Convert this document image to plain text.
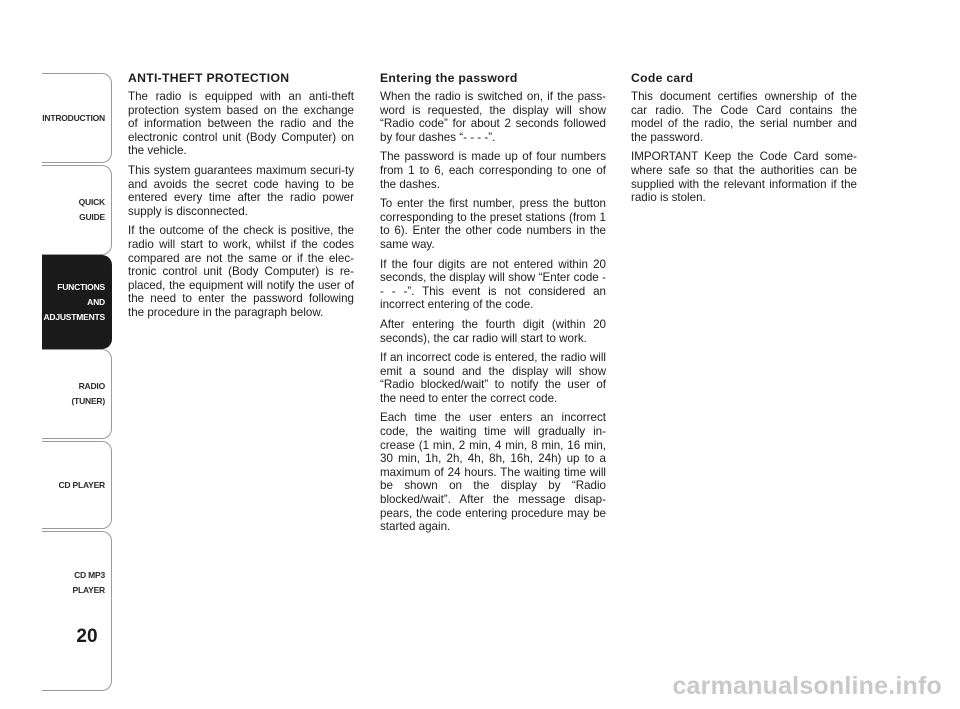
INTRODUCTION
QUICK
GUIDE
FUNCTIONS
AND
ADJUSTMENTS
RADIO
(TUNER)
CD PLAYER
CD MP3
PLAYER
20
ANTI-THEFT PROTECTION

The radio is equipped with an anti-theft protection system based on the exchange of information between the radio and the electronic control unit (Body Computer) on the vehicle.

This system guarantees maximum securi-ty and avoids the secret code having to be entered every time after the radio power supply is disconnected.

If the outcome of the check is positive, the radio will start to work, whilst if the codes compared are not the same or if the elec-tronic control unit (Body Computer) is re-placed, the equipment will notify the user of the need to enter the password following the procedure in the paragraph below.

Entering the password

When the radio is switched on, if the pass-word is requested, the display will show “Radio code” for about 2 seconds followed by four dashes “- - - -”.

The password is made up of four numbers from 1 to 6, each corresponding to one of the dashes.

To enter the first number, press the button corresponding to the preset stations (from 1 to 6). Enter the other code numbers in the same way.

If the four digits are not entered within 20 seconds, the display will show “Enter code - - - -”. This event is not considered an incorrect entering of the code.

After entering the fourth digit (within 20 seconds), the car radio will start to work.

If an incorrect code is entered, the radio will emit a sound and the display will show “Radio blocked/wait” to notify the user of the need to enter the correct code.

Each time the user enters an incorrect code, the waiting time will gradually in-crease (1 min, 2 min, 4 min, 8 min, 16 min, 30 min, 1h, 2h, 4h, 8h, 16h, 24h) up to a maximum of 24 hours. The waiting time will be shown on the display by “Radio blocked/wait”. After the message disap-pears, the code entering procedure may be started again.

Code card

This document certifies ownership of the car radio. The Code Card contains the model of the radio, the serial number and the password.

IMPORTANT Keep the Code Card some-where safe so that the authorities can be supplied with the relevant information if the radio is stolen.

carmanualsonline.info
